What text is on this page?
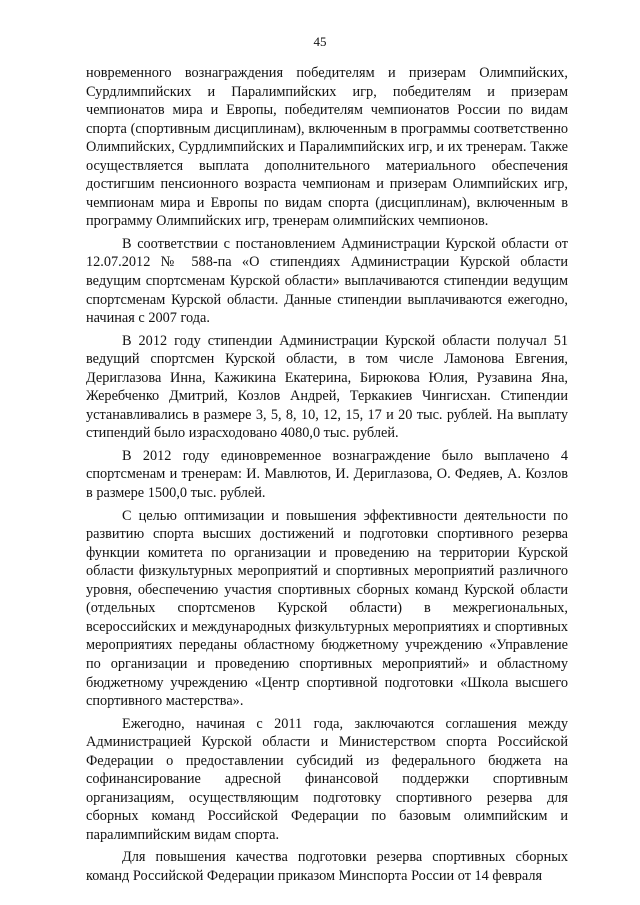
45

новременного вознаграждения победителям и призерам Олимпийских, Сурдлимпийских и Паралимпийских игр, победителям и призерам чемпионатов мира и Европы, победителям чемпионатов России по видам спорта (спортивным дисциплинам), включенным в программы соответственно Олимпийских, Сурдлимпийских и Паралимпийских игр, и их тренерам. Также осуществляется выплата дополнительного материального обеспечения достигшим пенсионного возраста чемпионам и призерам Олимпийских игр, чемпионам мира и Европы по видам спорта (дисциплинам), включенным в программу Олимпийских игр, тренерам олимпийских чемпионов.

В соответствии с постановлением Администрации Курской области от 12.07.2012 № 588-па «О стипендиях Администрации Курской области ведущим спортсменам Курской области» выплачиваются стипендии ведущим спортсменам Курской области. Данные стипендии выплачиваются ежегодно, начиная с 2007 года.

В 2012 году стипендии Администрации Курской области получал 51 ведущий спортсмен Курской области, в том числе Ламонова Евгения, Дериглазова Инна, Кажикина Екатерина, Бирюкова Юлия, Рузавина Яна, Жеребченко Дмитрий, Козлов Андрей, Теркакиев Чингисхан. Стипендии устанавливались в размере 3, 5, 8, 10, 12, 15, 17 и 20 тыс. рублей. На выплату стипендий было израсходовано 4080,0 тыс. рублей.

В 2012 году единовременное вознаграждение было выплачено 4 спортсменам и тренерам: И. Мавлютов, И. Дериглазова, О. Федяев, А. Козлов в размере 1500,0 тыс. рублей.

С целью оптимизации и повышения эффективности деятельности по развитию спорта высших достижений и подготовки спортивного резерва функции комитета по организации и проведению на территории Курской области физкультурных мероприятий и спортивных мероприятий различного уровня, обеспечению участия спортивных сборных команд Курской области (отдельных спортсменов Курской области) в межрегиональных, всероссийских и международных физкультурных мероприятиях и спортивных мероприятиях переданы областному бюджетному учреждению «Управление по организации и проведению спортивных мероприятий» и областному бюджетному учреждению «Центр спортивной подготовки «Школа высшего спортивного мастерства».

Ежегодно, начиная с 2011 года, заключаются соглашения между Администрацией Курской области и Министерством спорта Российской Федерации о предоставлении субсидий из федерального бюджета на софинансирование адресной финансовой поддержки спортивным организациям, осуществляющим подготовку спортивного резерва для сборных команд Российской Федерации по базовым олимпийским и паралимпийским видам спорта.

Для повышения качества подготовки резерва спортивных сборных команд Российской Федерации приказом Минспорта России от 14 февраля
